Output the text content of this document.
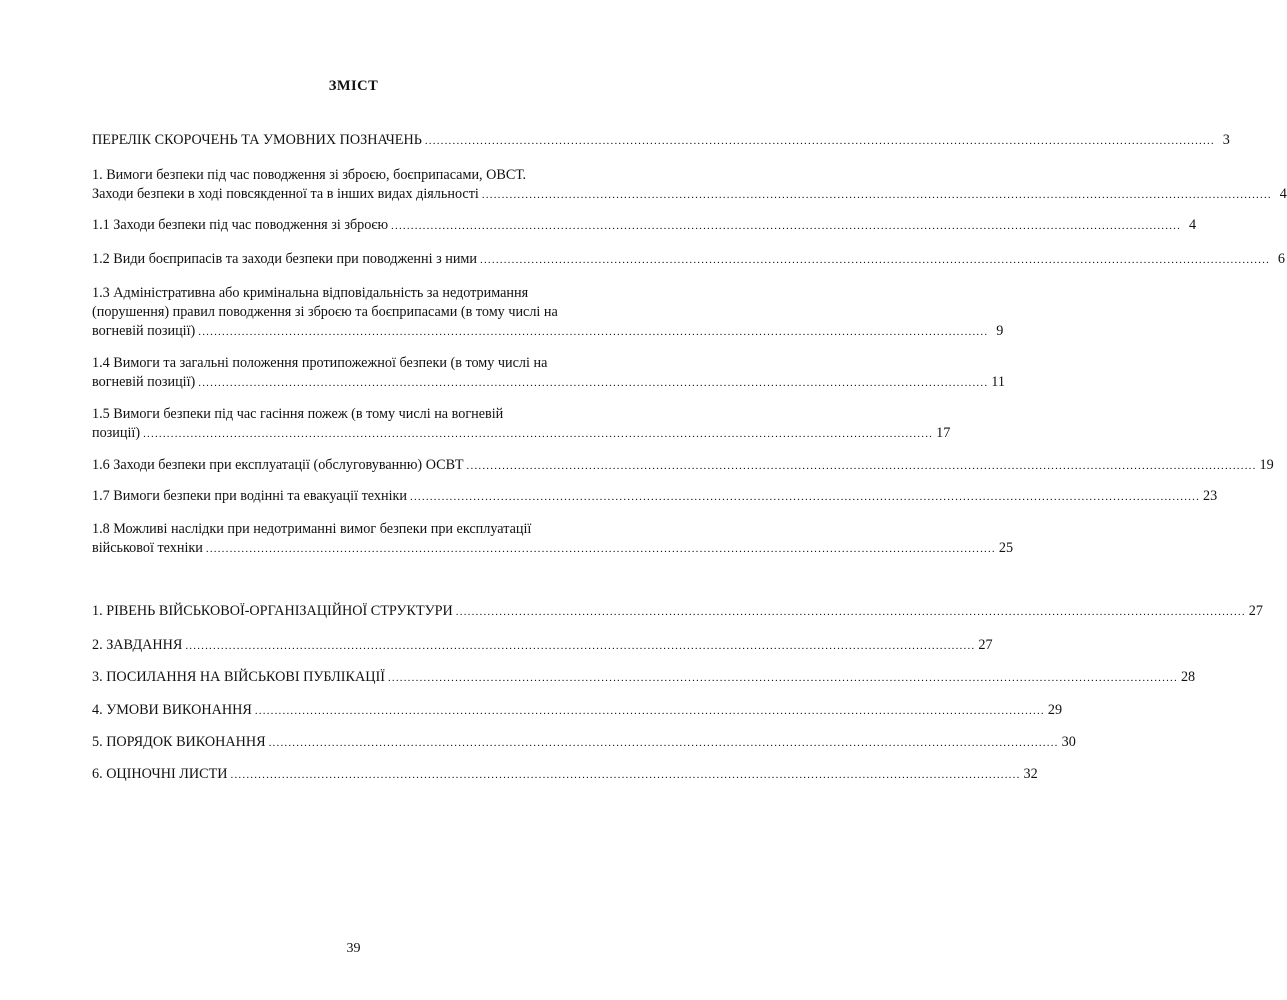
ЗМІСТ
ПЕРЕЛІК СКОРОЧЕНЬ ТА УМОВНИХ ПОЗНАЧЕНЬ ........................................................................................................................................................................................................ 3
1. Вимоги безпеки під час поводження зі зброєю, боєприпасами, ОВСТ.
Заходи безпеки в ході повсякденної та в інших видах діяльності ........................................................................................................................................................................................................ 4
1.1 Заходи безпеки під час поводження зі зброєю ........................................................................................................................................................................................................ 4
1.2 Види боєприпасів та заходи безпеки при поводженні з ними ........................................................................................................................................................................................................ 6
1.3 Адміністративна або кримінальна відповідальність за недотримання
(порушення) правил поводження зі зброєю та боєприпасами (в тому числі на
вогневій позиції) ........................................................................................................................................................................................................ 9
1.4 Вимоги та загальні положення протипожежної безпеки (в тому числі на
вогневій позиції) ........................................................................................................................................................................................................ 11
1.5 Вимоги безпеки під час гасіння пожеж (в тому числі на вогневій
позиції) ........................................................................................................................................................................................................ 17
1.6 Заходи безпеки при експлуатації (обслуговуванню) ОСВТ ........................................................................................................................................................................................................ 19
1.7 Вимоги безпеки при водінні та евакуації техніки ........................................................................................................................................................................................................ 23
1.8 Можливі наслідки при недотриманні вимог безпеки при експлуатації
військової техніки ........................................................................................................................................................................................................ 25
1. РІВЕНЬ ВІЙСЬКОВОЇ-ОРГАНІЗАЦІЙНОЇ СТРУКТУРИ ........................................................................................................................................................................................................ 27
2. ЗАВДАННЯ ........................................................................................................................................................................................................ 27
3. ПОСИЛАННЯ НА ВІЙСЬКОВІ ПУБЛІКАЦІЇ ........................................................................................................................................................................................................ 28
4. УМОВИ ВИКОНАННЯ ........................................................................................................................................................................................................ 29
5. ПОРЯДОК ВИКОНАННЯ ........................................................................................................................................................................................................ 30
6. ОЦІНОЧНІ ЛИСТИ ........................................................................................................................................................................................................ 32
39
